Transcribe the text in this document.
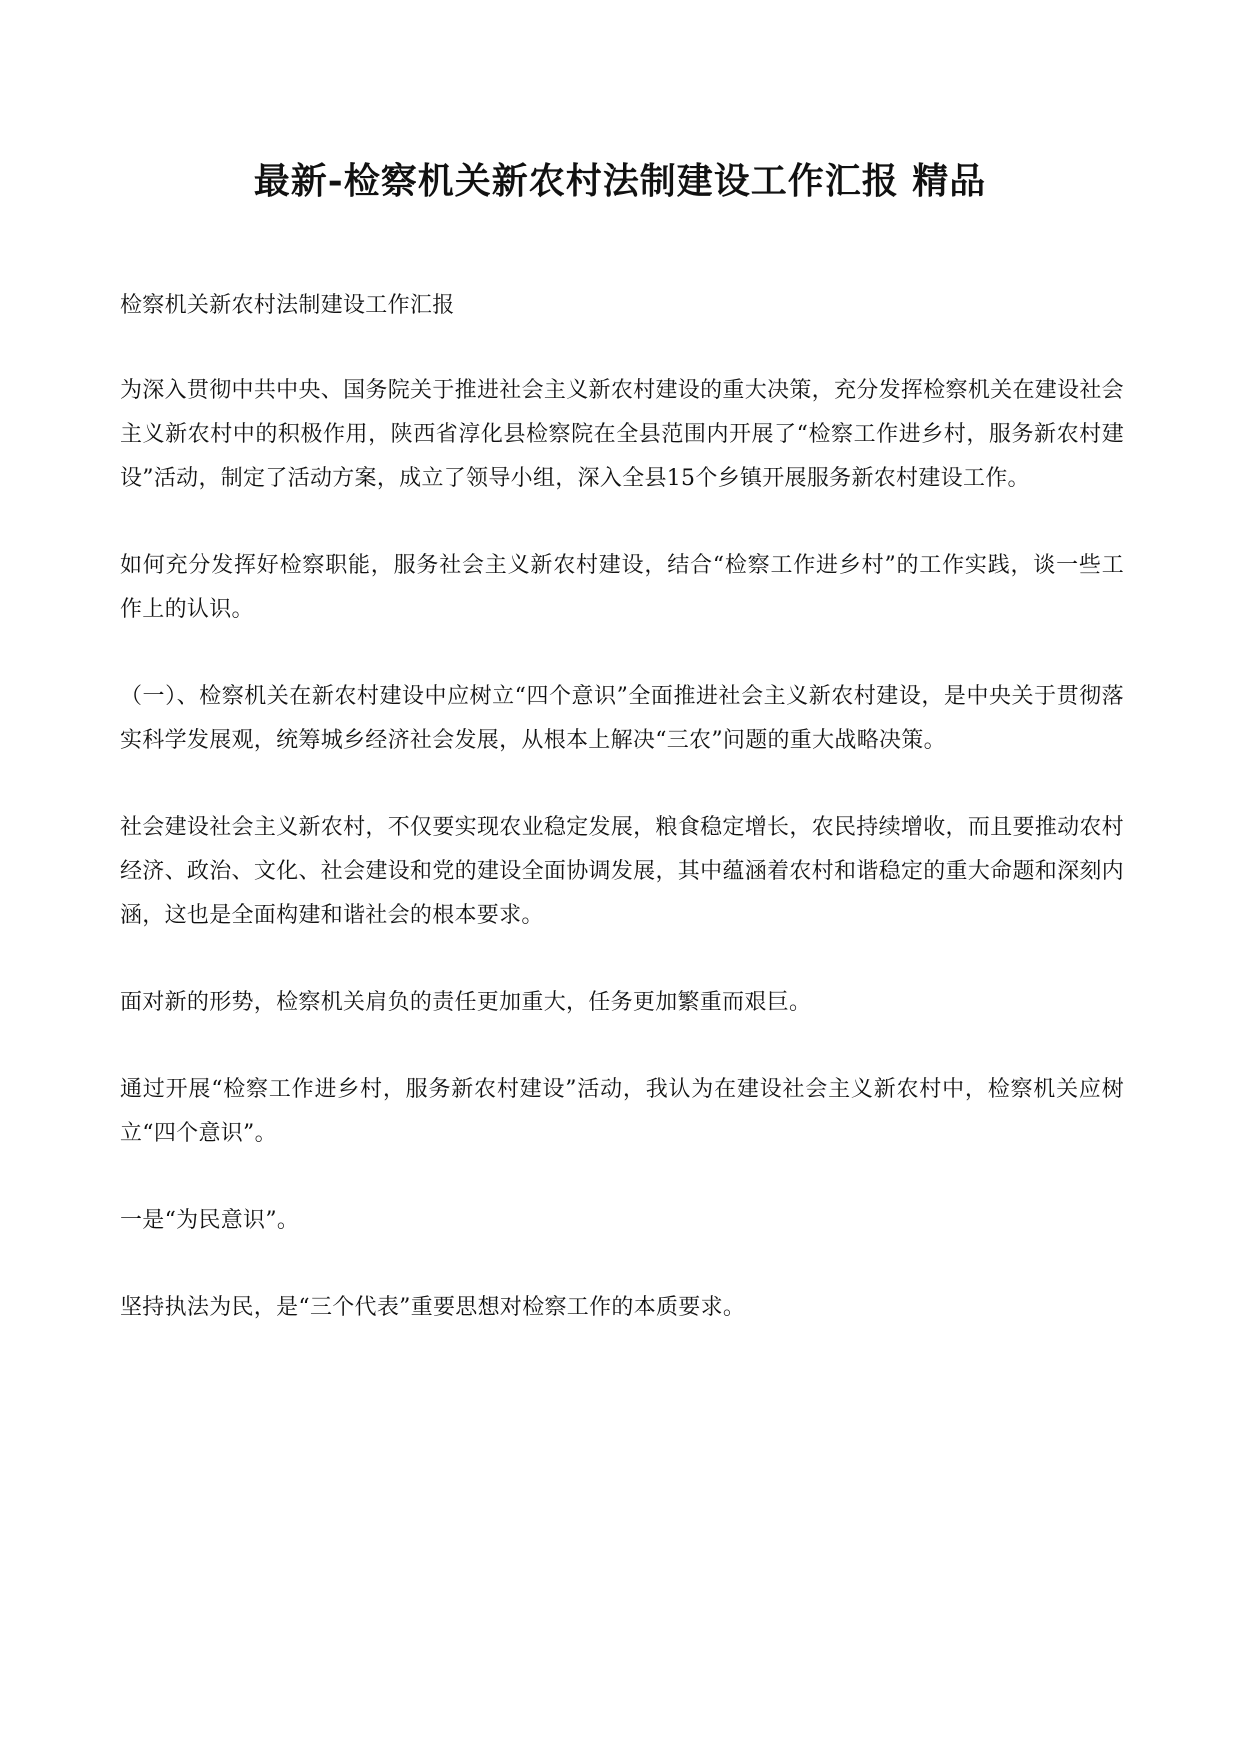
最新-检察机关新农村法制建设工作汇报 精品

检察机关新农村法制建设工作汇报

为深入贯彻中共中央、国务院关于推进社会主义新农村建设的重大决策，充分发挥检察机关在建设社会主义新农村中的积极作用，陕西省淳化县检察院在全县范围内开展了“检察工作进乡村，服务新农村建设”活动，制定了活动方案，成立了领导小组，深入全县15个乡镇开展服务新农村建设工作。

如何充分发挥好检察职能，服务社会主义新农村建设，结合“检察工作进乡村”的工作实践，谈一些工作上的认识。

（一）、检察机关在新农村建设中应树立“四个意识”全面推进社会主义新农村建设，是中央关于贯彻落实科学发展观，统筹城乡经济社会发展，从根本上解决“三农”问题的重大战略决策。

社会建设社会主义新农村，不仅要实现农业稳定发展，粮食稳定增长，农民持续增收，而且要推动农村经济、政治、文化、社会建设和党的建设全面协调发展，其中蕴涵着农村和谐稳定的重大命题和深刻内涵，这也是全面构建和谐社会的根本要求。

面对新的形势，检察机关肩负的责任更加重大，任务更加繁重而艰巨。

通过开展“检察工作进乡村，服务新农村建设”活动，我认为在建设社会主义新农村中，检察机关应树立“四个意识”。

一是“为民意识”。

坚持执法为民，是“三个代表”重要思想对检察工作的本质要求。
